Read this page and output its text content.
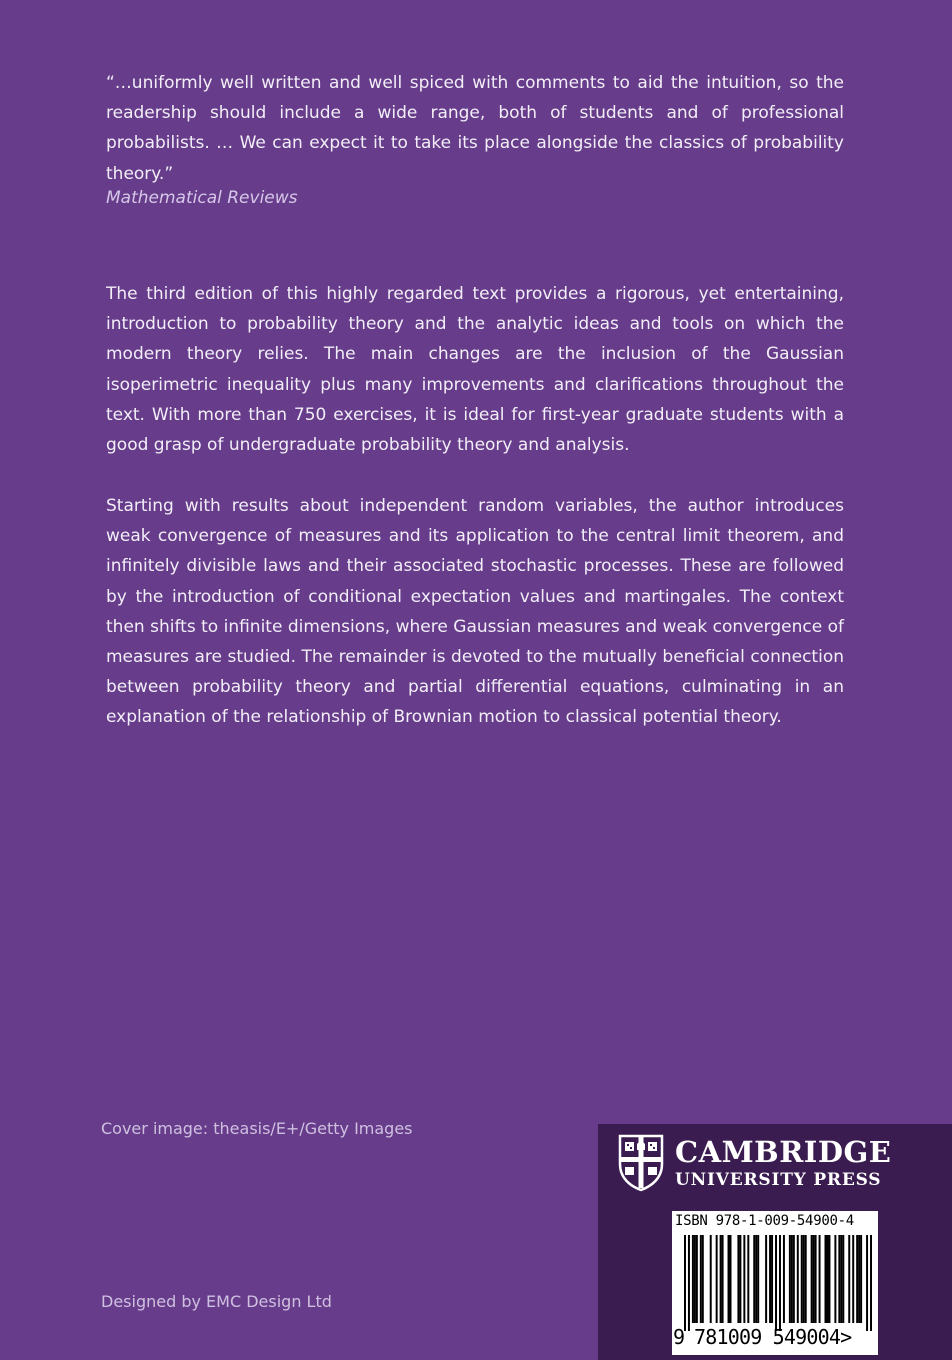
“…uniformly well written and well spiced with comments to aid the intuition, so the readership should include a wide range, both of students and of professional probabilists. … We can expect it to take its place alongside the classics of probability theory.”

Mathematical Reviews

The third edition of this highly regarded text provides a rigorous, yet entertaining, introduction to probability theory and the analytic ideas and tools on which the modern theory relies. The main changes are the inclusion of the Gaussian isoperimetric inequality plus many improvements and clarifications throughout the text. With more than 750 exercises, it is ideal for first-year graduate students with a good grasp of undergraduate probability theory and analysis.

Starting with results about independent random variables, the author introduces weak convergence of measures and its application to the central limit theorem, and infinitely divisible laws and their associated stochastic processes. These are followed by the introduction of conditional expectation values and martingales. The context then shifts to infinite dimensions, where Gaussian measures and weak convergence of measures are studied. The remainder is devoted to the mutually beneficial connection between probability theory and partial differential equations, culminating in an explanation of the relationship of Brownian motion to classical potential theory.

Cover image: theasis/E+/Getty Images

Designed by EMC Design Ltd

CAMBRIDGE

UNIVERSITY PRESS

ISBN 978-1-009-54900-4
9 781009 549004>
